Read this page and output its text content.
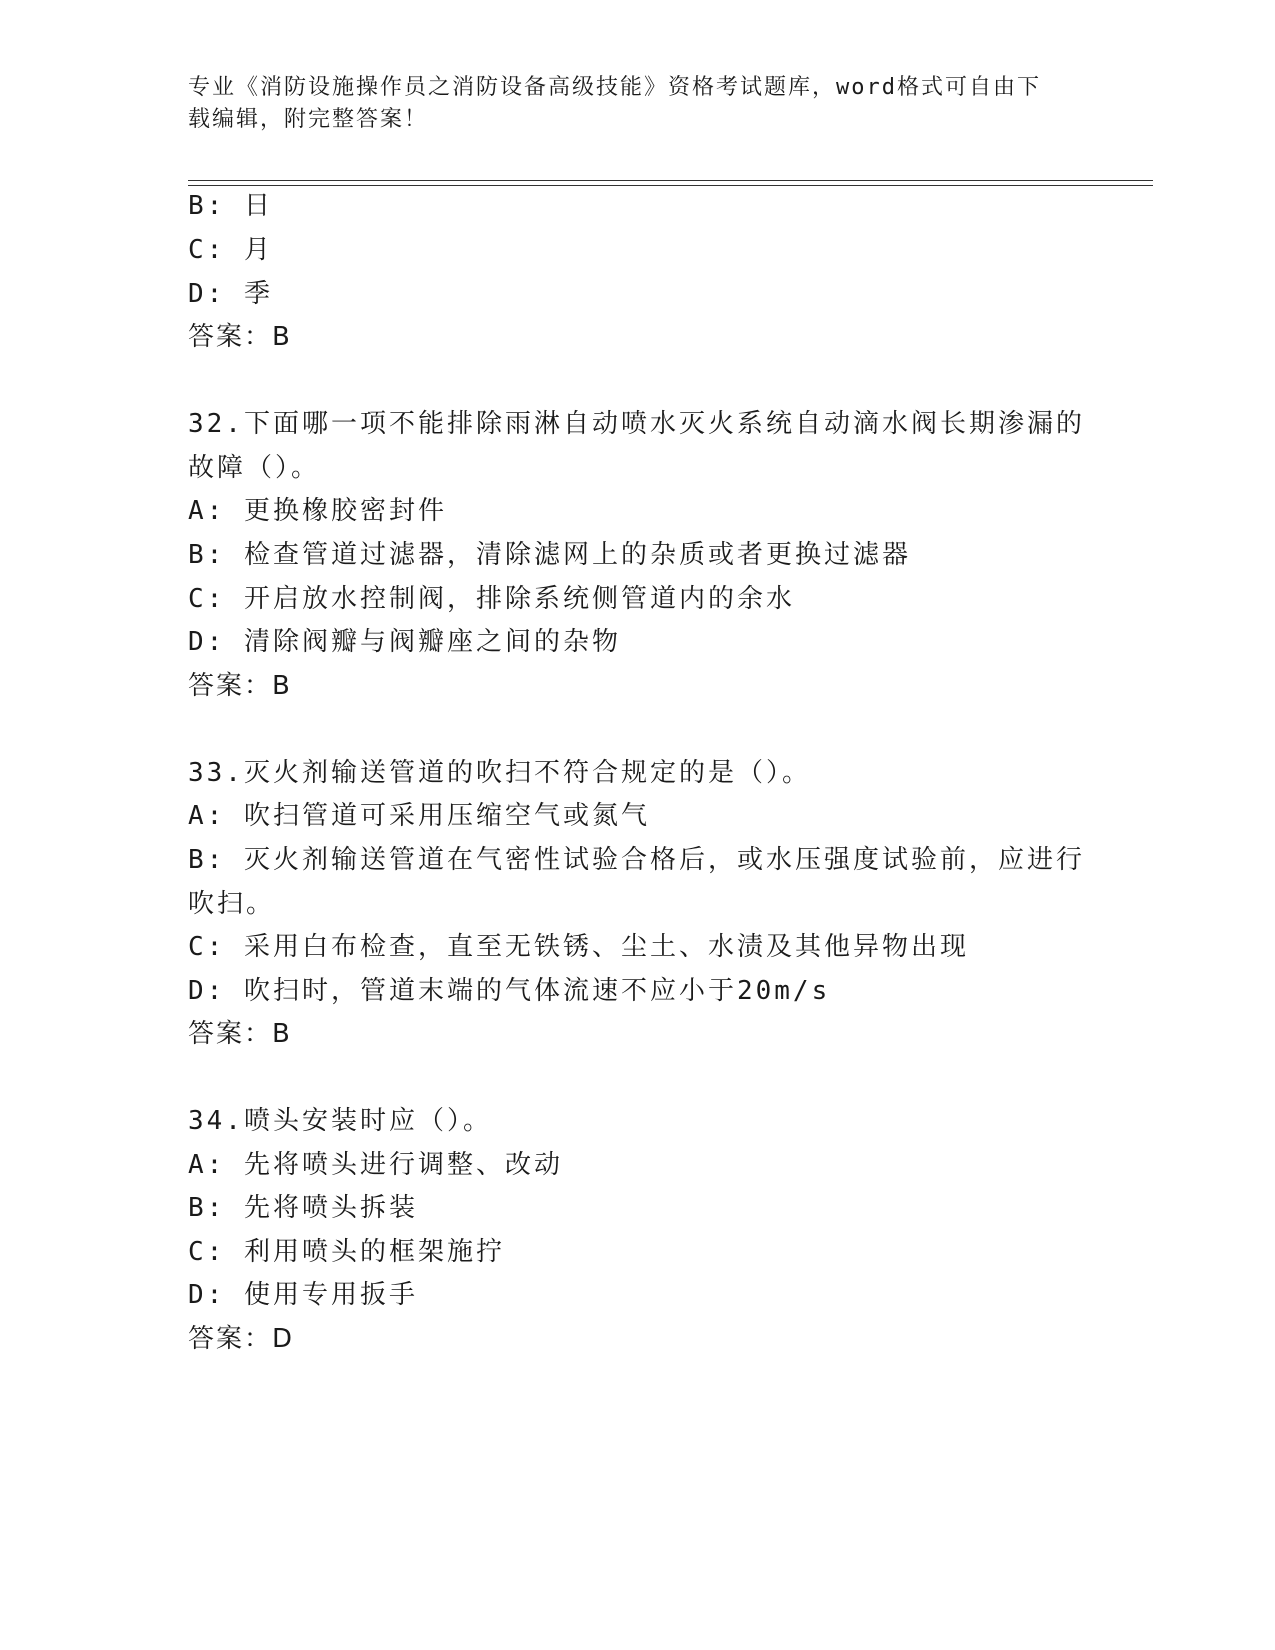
专业《消防设施操作员之消防设备高级技能》资格考试题库，word格式可自由下
载编辑，附完整答案！
B: 日
C: 月
D: 季
答案：B
32.下面哪一项不能排除雨淋自动喷水灭火系统自动滴水阀长期渗漏的
故障（）。
A: 更换橡胶密封件
B: 检查管道过滤器，清除滤网上的杂质或者更换过滤器
C: 开启放水控制阀，排除系统侧管道内的余水
D: 清除阀瓣与阀瓣座之间的杂物
答案：B
33.灭火剂输送管道的吹扫不符合规定的是（）。
A: 吹扫管道可采用压缩空气或氮气
B: 灭火剂输送管道在气密性试验合格后，或水压强度试验前，应进行
吹扫。
C: 采用白布检查，直至无铁锈、尘土、水渍及其他异物出现
D: 吹扫时，管道末端的气体流速不应小于20m/s
答案：B
34.喷头安装时应（）。
A: 先将喷头进行调整、改动
B: 先将喷头拆装
C: 利用喷头的框架施拧
D: 使用专用扳手
答案：D
